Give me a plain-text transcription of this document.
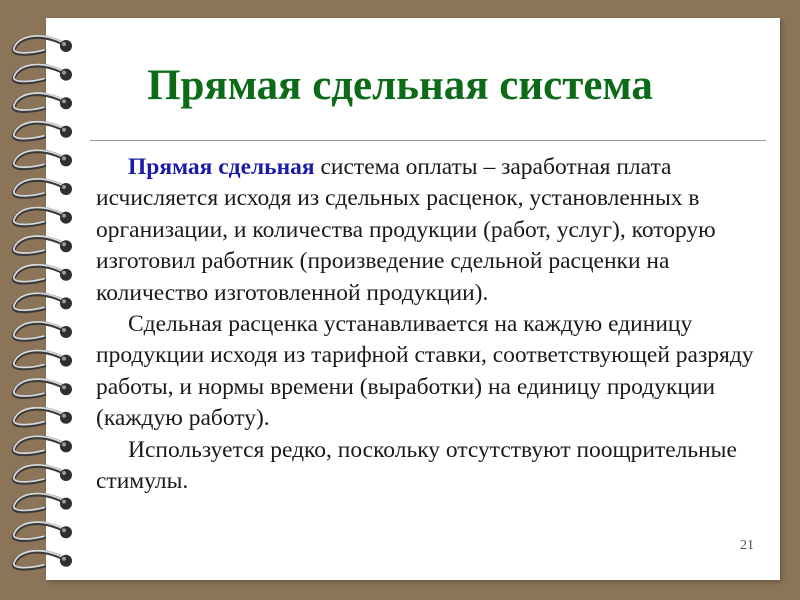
Прямая сдельная система

Прямая сдельная система оплаты – заработная плата исчисляется исходя из сдельных расценок, установленных в организации, и количества продукции (работ, услуг), которую изготовил работник (произведение сдельной расценки на количество изготовленной продукции).

Сдельная расценка устанавливается на каждую единицу продукции исходя из тарифной ставки, соответствующей разряду работы, и нормы времени (выработки) на единицу продукции (каждую работу).

Используется редко, поскольку отсутствуют поощрительные стимулы.

21
